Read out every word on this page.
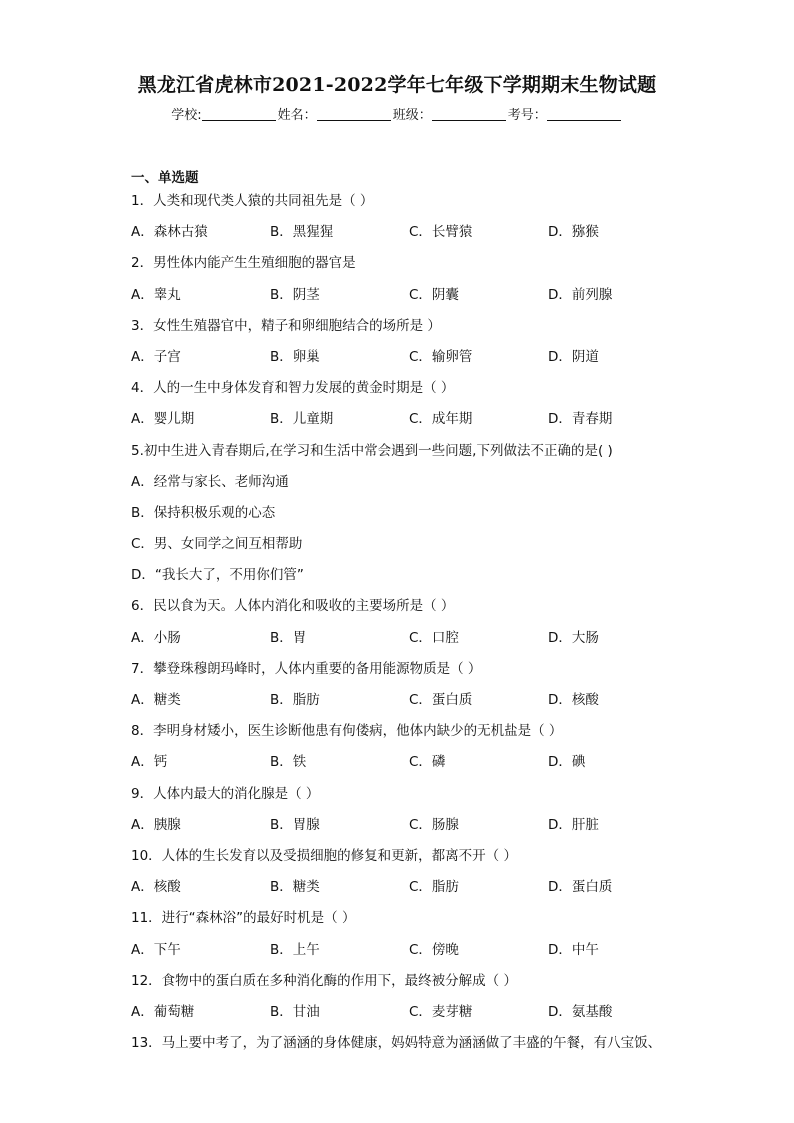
黑龙江省虎林市2021-2022学年七年级下学期期末生物试题
学校:	姓名：	班级：	考号：
一、单选题
1．人类和现代类人猿的共同祖先是（ ）
A．森林古猿	B．黑猩猩	C．长臂猿	D．猕猴
2．男性体内能产生生殖细胞的器官是
A．睾丸	B．阴茎	C．阴囊	D．前列腺
3．女性生殖器官中，精子和卵细胞结合的场所是 ）
A．子宫	B．卵巢	C．输卵管	D．阴道
4．人的一生中身体发育和智力发展的黄金时期是（ ）
A．婴儿期	B．儿童期	C．成年期	D．青春期
5.初中生进入青春期后,在学习和生活中常会遇到一些问题,下列做法不正确的是( )
A．经常与家长、老师沟通
B．保持积极乐观的心态
C．男、女同学之间互相帮助
D．“我长大了，不用你们管”
6．民以食为天。人体内消化和吸收的主要场所是（ ）
A．小肠	B．胃	C．口腔	D．大肠
7．攀登珠穆朗玛峰时，人体内重要的备用能源物质是（ ）
A．糖类	B．脂肪	C．蛋白质	D．核酸
8．李明身材矮小，医生诊断他患有佝偻病，他体内缺少的无机盐是（ ）
A．钙	B．铁	C．磷	D．碘
9．人体内最大的消化腺是（ ）
A．胰腺	B．胃腺	C．肠腺	D．肝脏
10．人体的生长发育以及受损细胞的修复和更新，都离不开（ ）
A．核酸	B．糖类	C．脂肪	D．蛋白质
11．进行“森林浴”的最好时机是（ ）
A．下午	B．上午	C．傍晚	D．中午
12．食物中的蛋白质在多种消化酶的作用下，最终被分解成（ ）
A．葡萄糖	B．甘油	C．麦芽糖	D．氨基酸
13．马上要中考了，为了涵涵的身体健康，妈妈特意为涵涵做了丰盛的午餐，有八宝饭、
